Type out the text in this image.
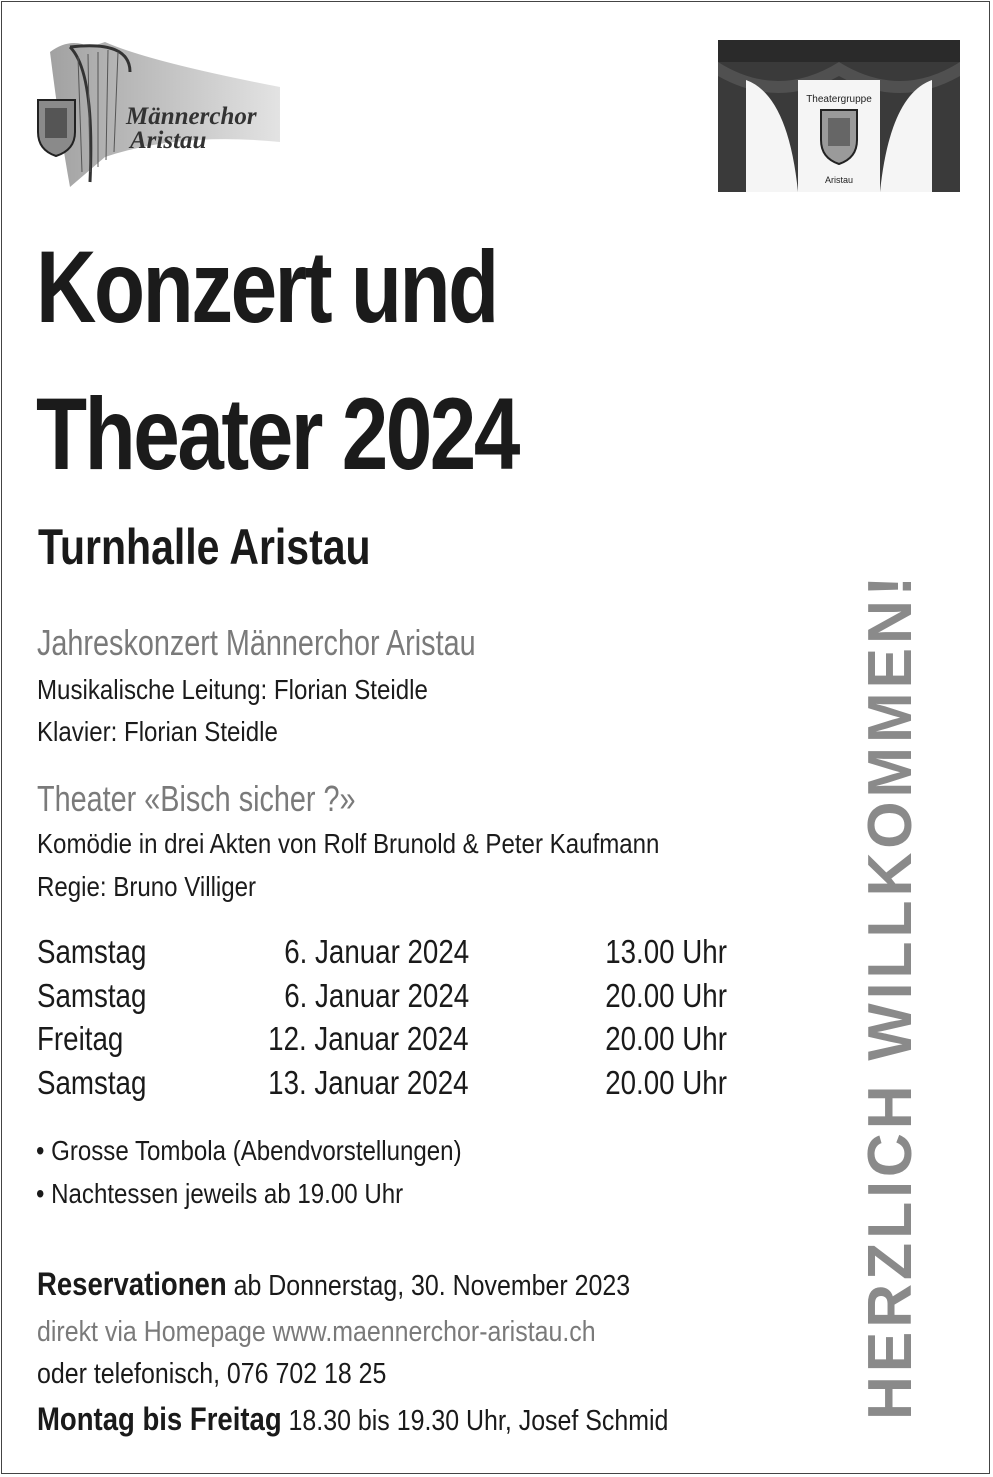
Männerchor
Aristau
Theatergruppe
Aristau
Konzert und
Theater 2024
Turnhalle Aristau
Jahreskonzert Männerchor Aristau
Musikalische Leitung: Florian Steidle
Klavier: Florian Steidle
Theater «Bisch sicher ?»
Komödie in drei Akten von Rolf Brunold & Peter Kaufmann
Regie: Bruno Villiger
Samstag	6. Januar 2024	13.00 Uhr
Samstag	6. Januar 2024	20.00 Uhr
Freitag	12. Januar 2024	20.00 Uhr
Samstag	13. Januar 2024	20.00 Uhr
• Grosse Tombola (Abendvorstellungen)
• Nachtessen jeweils ab 19.00 Uhr
Reservationen ab Donnerstag, 30. November 2023
direkt via Homepage www.maennerchor-aristau.ch
oder telefonisch, 076 702 18 25
Montag bis Freitag 18.30 bis 19.30 Uhr, Josef Schmid
HERZLICH WILLKOMMEN!
